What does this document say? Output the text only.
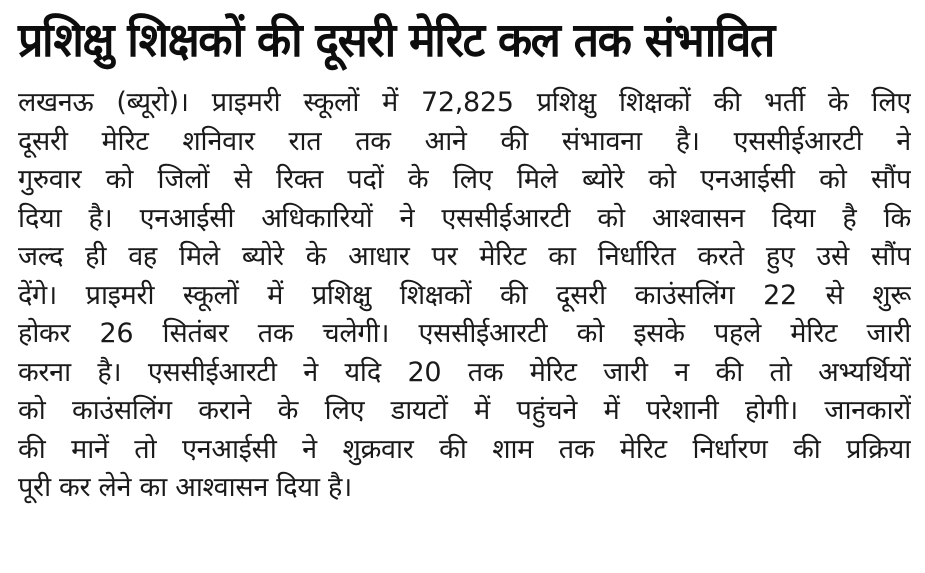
प्रशिक्षु शिक्षकों की दूसरी मेरिट कल तक संभावित
लखनऊ (ब्यूरो)। प्राइमरी स्कूलों में 72,825 प्रशिक्षु शिक्षकों की भर्ती के लिए
दूसरी मेरिट शनिवार रात तक आने की संभावना है। एससीईआरटी ने
गुरुवार को जिलों से रिक्त पदों के लिए मिले ब्योरे को एनआईसी को सौंप
दिया है। एनआईसी अधिकारियों ने एससीईआरटी को आश्वासन दिया है कि
जल्द ही वह मिले ब्योरे के आधार पर मेरिट का निर्धारित करते हुए उसे सौंप
देंगे। प्राइमरी स्कूलों में प्रशिक्षु शिक्षकों की दूसरी काउंसलिंग 22 से शुरू
होकर 26 सितंबर तक चलेगी। एससीईआरटी को इसके पहले मेरिट जारी
करना है। एससीईआरटी ने यदि 20 तक मेरिट जारी न की तो अभ्यर्थियों
को काउंसलिंग कराने के लिए डायटों में पहुंचने में परेशानी होगी। जानकारों
की मानें तो एनआईसी ने शुक्रवार की शाम तक मेरिट निर्धारण की प्रक्रिया
पूरी कर लेने का आश्वासन दिया है।
